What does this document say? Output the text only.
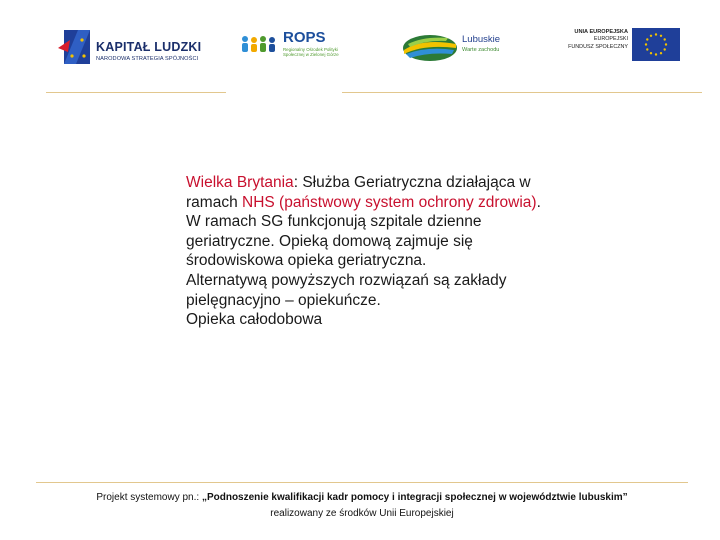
KAPITAŁ LUDZKI
NARODOWA STRATEGIA SPÓJNOŚCI
ROPS
Regionalny Ośrodek Polityki Społecznej w Zielonej Górze
Lubuskie
Warte zachodu
UNIA EUROPEJSKA
EUROPEJSKI
FUNDUSZ SPOŁECZNY

Wielka Brytania: Służba Geriatryczna działająca w ramach NHS (państwowy system ochrony zdrowia). W ramach SG funkcjonują szpitale dzienne geriatryczne. Opieką domową zajmuje się środowiskowa opieka geriatryczna.

Alternatywą powyższych rozwiązań są zakłady pielęgnacyjno – opiekuńcze.

Opieka całodobowa

Projekt systemowy pn.: „Podnoszenie kwalifikacji kadr pomocy i integracji społecznej w województwie lubuskim”
realizowany ze środków Unii Europejskiej
